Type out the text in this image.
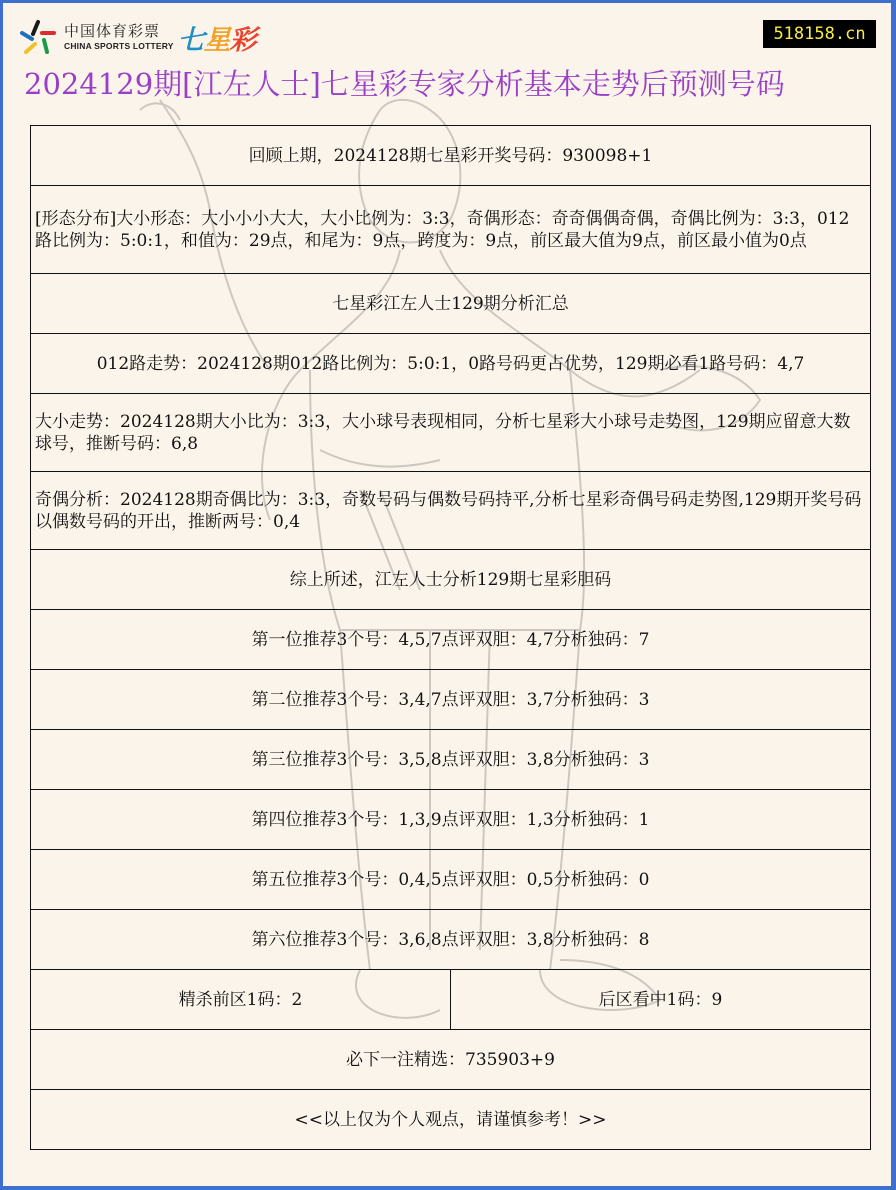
中国体育彩票
CHINA SPORTS LOTTERY 七星彩	518158.cn
2024129期[江左人士]七星彩专家分析基本走势后预测号码
回顾上期，2024128期七星彩开奖号码：930098+1
[形态分布]大小形态：大小小小大大，大小比例为：3:3，奇偶形态：奇奇偶偶奇偶，奇偶比例为：3:3，012路比例为：5:0:1，和值为：29点，和尾为：9点，跨度为：9点，前区最大值为9点，前区最小值为0点
七星彩江左人士129期分析汇总
012路走势：2024128期012路比例为：5:0:1，0路号码更占优势，129期必看1路号码：4,7
大小走势：2024128期大小比为：3:3，大小球号表现相同，分析七星彩大小球号走势图，129期应留意大数球号，推断号码：6,8
奇偶分析：2024128期奇偶比为：3:3，奇数号码与偶数号码持平,分析七星彩奇偶号码走势图,129期开奖号码以偶数号码的开出，推断两号：0,4
综上所述，江左人士分析129期七星彩胆码
第一位推荐3个号：4,5,7点评双胆：4,7分析独码：7
第二位推荐3个号：3,4,7点评双胆：3,7分析独码：3
第三位推荐3个号：3,5,8点评双胆：3,8分析独码：3
第四位推荐3个号：1,3,9点评双胆：1,3分析独码：1
第五位推荐3个号：0,4,5点评双胆：0,5分析独码：0
第六位推荐3个号：3,6,8点评双胆：3,8分析独码：8
精杀前区1码：2	后区看中1码：9
必下一注精选：735903+9
<<以上仅为个人观点，请谨慎参考！>>
